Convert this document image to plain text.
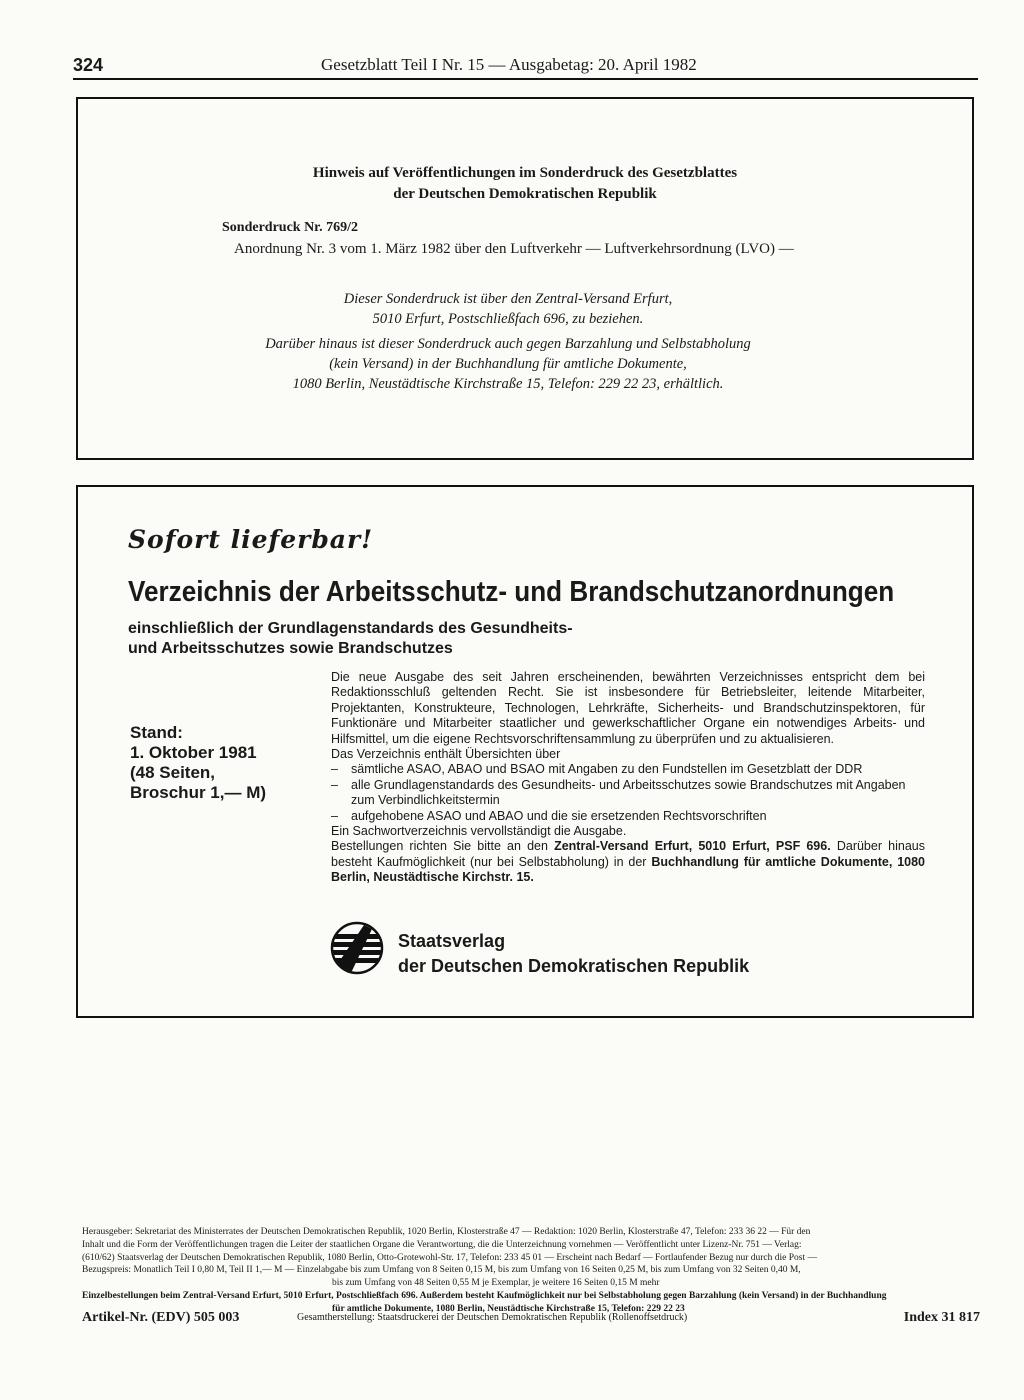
324	Gesetzblatt Teil I Nr. 15 — Ausgabetag: 20. April 1982
Hinweis auf Veröffentlichungen im Sonderdruck des Gesetzblattes
der Deutschen Demokratischen Republik
Sonderdruck Nr. 769/2
Anordnung Nr. 3 vom 1. März 1982 über den Luftverkehr — Luftverkehrsordnung (LVO) —
Dieser Sonderdruck ist über den Zentral-Versand Erfurt,
5010 Erfurt, Postschließfach 696, zu beziehen.
Darüber hinaus ist dieser Sonderdruck auch gegen Barzahlung und Selbstabholung
(kein Versand) in der Buchhandlung für amtliche Dokumente,
1080 Berlin, Neustädtische Kirchstraße 15, Telefon: 229 22 23, erhältlich.
Sofort lieferbar!
Verzeichnis der Arbeitsschutz- und Brandschutzanordnungen
einschließlich der Grundlagenstandards des Gesundheits-
und Arbeitsschutzes sowie Brandschutzes
Stand:
1. Oktober 1981
(48 Seiten,
Broschur 1,— M)

Die neue Ausgabe des seit Jahren erscheinenden, bewährten Verzeichnisses entspricht dem bei Redaktionsschluß geltenden Recht. Sie ist insbesondere für Betriebsleiter, leitende Mitarbeiter, Projektanten, Konstrukteure, Technologen, Lehrkräfte, Sicherheits- und Brandschutzinspektoren, für Funktionäre und Mitarbeiter staatlicher und gewerkschaftlicher Organe ein notwendiges Arbeits- und Hilfsmittel, um die eigene Rechtsvorschriftensammlung zu überprüfen und zu aktualisieren.

Das Verzeichnis enthält Übersichten über

– sämtliche ASAO, ABAO und BSAO mit Angaben zu den Fundstellen im Gesetzblatt der DDR
– alle Grundlagenstandards des Gesundheits- und Arbeitsschutzes sowie Brandschutzes mit Angaben zum Verbindlichkeitstermin
– aufgehobene ASAO und ABAO und die sie ersetzenden Rechtsvorschriften

Ein Sachwortverzeichnis vervollständigt die Ausgabe.

Bestellungen richten Sie bitte an den Zentral-Versand Erfurt, 5010 Erfurt, PSF 696. Darüber hinaus besteht Kaufmöglichkeit (nur bei Selbstabholung) in der Buchhandlung für amtliche Dokumente, 1080 Berlin, Neustädtische Kirchstr. 15.

Staatsverlag
der Deutschen Demokratischen Republik
Herausgeber: Sekretariat des Ministerrates der Deutschen Demokratischen Republik, 1020 Berlin, Klosterstraße 47 — Redaktion: 1020 Berlin, Klosterstraße 47, Telefon: 233 36 22 — Für den
Inhalt und die Form der Veröffentlichungen tragen die Leiter der staatlichen Organe die Verantwortung, die die Unterzeichnung vornehmen — Veröffentlicht unter Lizenz-Nr. 751 — Verlag:
(610/62) Staatsverlag der Deutschen Demokratischen Republik, 1080 Berlin, Otto-Grotewohl-Str. 17, Telefon: 233 45 01 — Erscheint nach Bedarf — Fortlaufender Bezug nur durch die Post —
Bezugspreis: Monatlich Teil I 0,80 M, Teil II 1,— M — Einzelabgabe bis zum Umfang von 8 Seiten 0,15 M, bis zum Umfang von 16 Seiten 0,25 M, bis zum Umfang von 32 Seiten 0,40 M,
bis zum Umfang von 48 Seiten 0,55 M je Exemplar, je weitere 16 Seiten 0,15 M mehr
Einzelbestellungen beim Zentral-Versand Erfurt, 5010 Erfurt, Postschließfach 696. Außerdem besteht Kaufmöglichkeit nur bei Selbstabholung gegen Barzahlung (kein Versand) in der Buchhandlung
für amtliche Dokumente, 1080 Berlin, Neustädtische Kirchstraße 15, Telefon: 229 22 23
Artikel-Nr. (EDV) 505 003	Gesamtherstellung: Staatsdruckerei der Deutschen Demokratischen Republik (Rollenoffsetdruck)	Index 31 817
